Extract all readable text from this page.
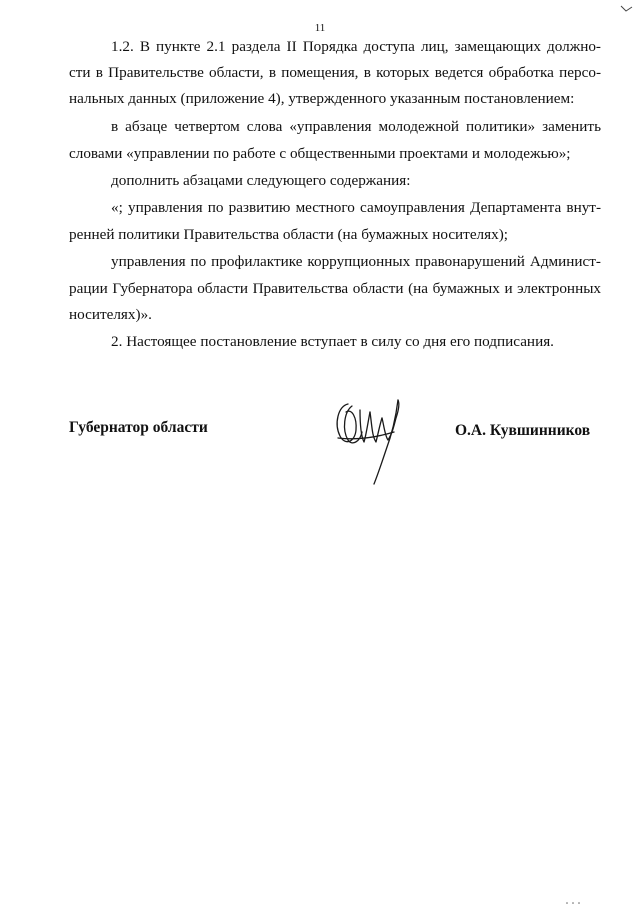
11
1.2. В пункте 2.1 раздела II Порядка доступа лиц, замещающих должно-
сти в Правительстве области, в помещения, в которых ведется обработка персо-
нальных данных (приложение 4), утвержденного указанным постановлением:
в абзаце четвертом слова «управления молодежной политики» заменить
словами «управлении по работе с общественными проектами и молодежью»;
дополнить абзацами следующего содержания:
«; управления по развитию местного самоуправления Департамента внут-
ренней политики Правительства области (на бумажных носителях);
управления по профилактике коррупционных правонарушений Админист-
рации Губернатора области Правительства области (на бумажных и электронных
носителях)».
2. Настоящее постановление вступает в силу со дня его подписания.
Губернатор области	О.А. Кувшинников
